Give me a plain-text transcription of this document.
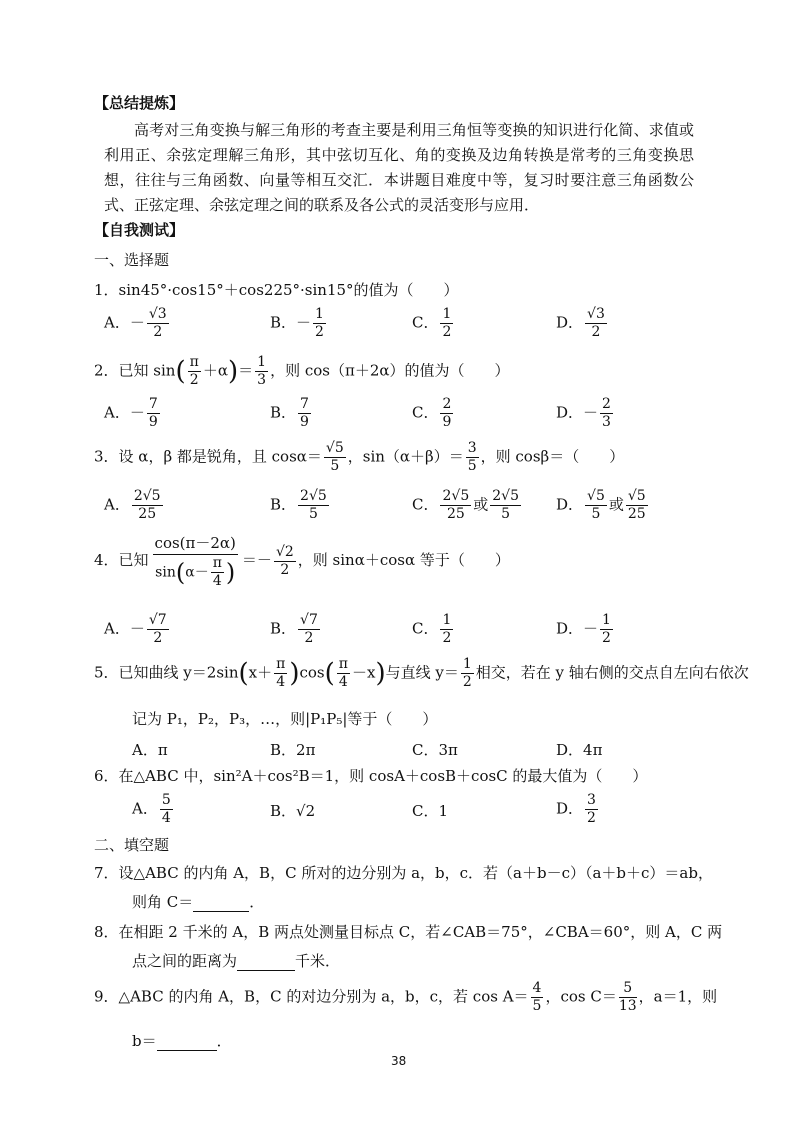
【总结提炼】
高考对三角变换与解三角形的考查主要是利用三角恒等变换的知识进行化简、求值或利用正、余弦定理解三角形，其中弦切互化、角的变换及边角转换是常考的三角变换思想，往往与三角函数、向量等相互交汇．本讲题目难度中等，复习时要注意三角函数公式、正弦定理、余弦定理之间的联系及各公式的灵活变形与应用．
【自我测试】
一、选择题
1．sin45°·cos15°＋cos225°·sin15°的值为（　　）
A．－ $\frac{√3}{2}$	B．－ $\frac{1}{2}$	C． $\frac{1}{2}$	D． $\frac{√3}{2}$
2．已知 $\sin( \frac{\pi}{2} +\alpha)= \frac{1}{3}$ ，则 cos（π＋2α）的值为（　　）
A．－ $\frac{7}{9}$	B． $\frac{7}{9}$	C． $\frac{2}{9}$	D．－ $\frac{2}{3}$
3．设 α，β 都是锐角，且 $\cos\alpha= \frac{√5}{5}$ ，$\sin(\alpha+\beta)= \frac{3}{5}$ ，则 cosβ＝（　　）
A． $\frac{2√5}{25}$	B． $\frac{2√5}{5}$	C． $\frac{2√5}{25}$ 或 $\frac{2√5}{5}$ D． $\frac{√5}{5}$ 或 $\frac{√5}{25}$
4．已知 $\frac{\cos(\pi-2\alpha)}{\sin(\alpha- \frac{\pi}{4} )} =- \frac{√2}{2}$ ，则 sinα＋cosα 等于（　　）
A．－ $\frac{√7}{2}$	B． $\frac{√7}{2}$	C． $\frac{1}{2}$	D．－ $\frac{1}{2}$
5．已知曲线 $y=2\sin(x+ \frac{\pi}{4} )\cos( \frac{\pi}{4} -x)$与直线 $y= \frac{1}{2}$ 相交，若在 y 轴右侧的交点自左向右依次
记为 P₁，P₂，P₃，…，则|P₁P₅|等于（　　）
A．π	B．2π	C．3π	D．4π
6．在△ABC 中，sin²A＋cos²B＝1，则 cosA＋cosB＋cosC 的最大值为（　　）
A． $\frac{5}{4}$	B．√2	C．1	D． $\frac{3}{2}$
二、填空题
7．设△ABC 的内角 A，B，C 所对的边分别为 a，b，c．若（a＋b－c）（a＋b＋c）＝ab，
则角 C＝	．
8．在相距 2 千米的 A，B 两点处测量目标点 C，若∠CAB＝75°，∠CBA＝60°，则 A，C 两
点之间的距离为	千米．
9．△ABC 的内角 A，B，C 的对边分别为 a，b，c，若 $\cos A= \frac{4}{5}$ ，$\cos C= \frac{5}{13}$ ，a＝1，则
b＝	．
38
